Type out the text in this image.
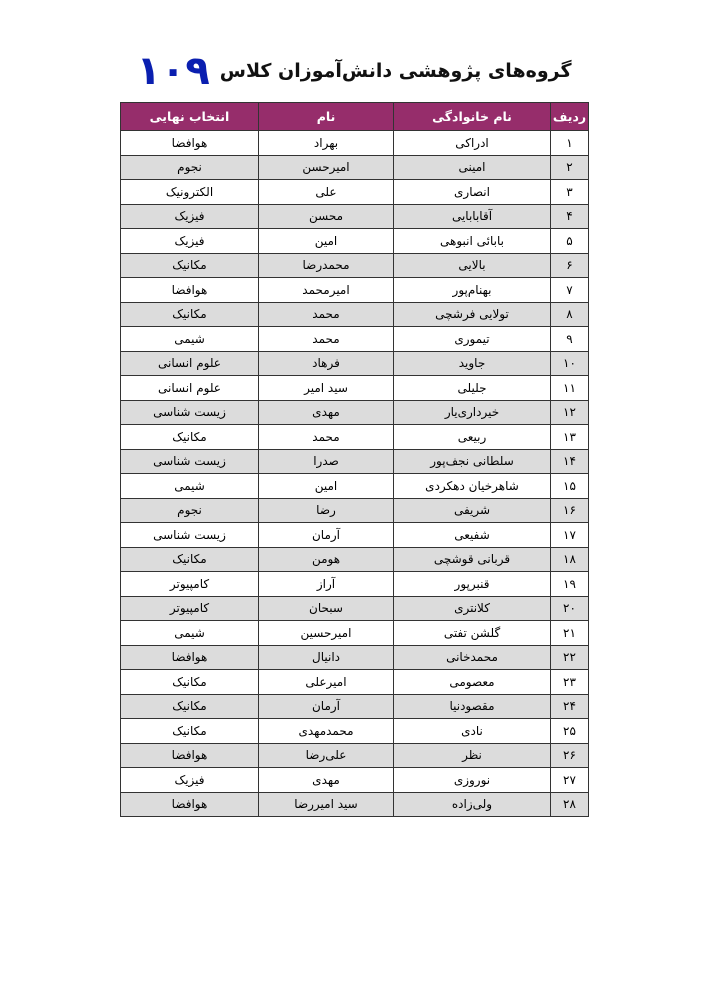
گروه‌های پژوهشی دانش‌آموزان کلاس
۱۰۹
ردیف	نام خانوادگی	نام	انتخاب نهایی
۱	ادراکی	بهراد	هوافضا
۲	امینی	امیرحسن	نجوم
۳	انصاری	علی	الکترونیک
۴	آقابابایی	محسن	فیزیک
۵	بابائی انبوهی	امین	فیزیک
۶	بالایی	محمدرضا	مکانیک
۷	بهنام‌پور	امیرمحمد	هوافضا
۸	تولایی فرشچی	محمد	مکانیک
۹	تیموری	محمد	شیمی
۱۰	جاوید	فرهاد	علوم انسانی
۱۱	جلیلی	سید امیر	علوم انسانی
۱۲	خیرداری‌یار	مهدی	زیست شناسی
۱۳	ربیعی	محمد	مکانیک
۱۴	سلطانی نجف‌پور	صدرا	زیست شناسی
۱۵	شاهرخیان دهکردی	امین	شیمی
۱۶	شریفی	رضا	نجوم
۱۷	شفیعی	آرمان	زیست شناسی
۱۸	قربانی قوشچی	هومن	مکانیک
۱۹	قنبرپور	آراز	کامپیوتر
۲۰	کلانتری	سبحان	کامپیوتر
۲۱	گلشن تفتی	امیرحسین	شیمی
۲۲	محمدخانی	دانیال	هوافضا
۲۳	معصومی	امیرعلی	مکانیک
۲۴	مقصودنیا	آرمان	مکانیک
۲۵	نادی	محمدمهدی	مکانیک
۲۶	نظر	علی‌رضا	هوافضا
۲۷	نوروزی	مهدی	فیزیک
۲۸	ولی‌زاده	سید امیررضا	هوافضا
